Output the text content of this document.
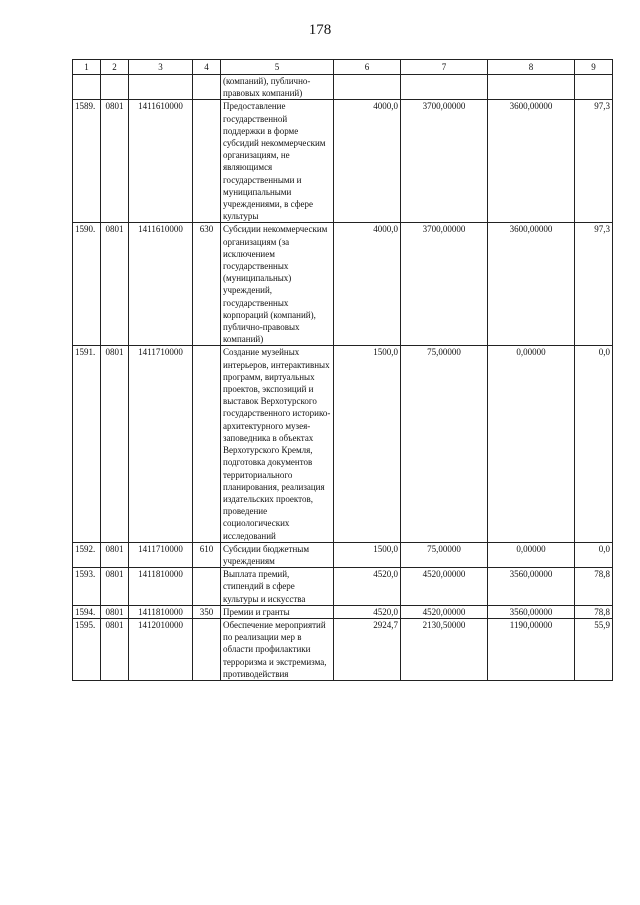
178
1	2	3	4	5	6	7	8	9
				(компаний), публично-правовых компаний)				
1589.	0801	1411610000		Предоставление государственной поддержки в форме субсидий некоммерческим организациям, не являющимся государственными и муниципальными учреждениями, в сфере культуры	4000,0	3700,00000	3600,00000	97,3
1590.	0801	1411610000	630	Субсидии некоммерческим организациям (за исключением государственных (муниципальных) учреждений, государственных корпораций (компаний), публично-правовых компаний)	4000,0	3700,00000	3600,00000	97,3
1591.	0801	1411710000		Создание музейных интерьеров, интерактивных программ, виртуальных проектов, экспозиций и выставок Верхотурского государственного историко-архитектурного музея-заповедника в объектах Верхотурского Кремля, подготовка документов территориального планирования, реализация издательских проектов, проведение социологических исследований	1500,0	75,00000	0,00000	0,0
1592.	0801	1411710000	610	Субсидии бюджетным учреждениям	1500,0	75,00000	0,00000	0,0
1593.	0801	1411810000		Выплата премий, стипендий в сфере культуры и искусства	4520,0	4520,00000	3560,00000	78,8
1594.	0801	1411810000	350	Премии и гранты	4520,0	4520,00000	3560,00000	78,8
1595.	0801	1412010000		Обеспечение мероприятий по реализации мер в области профилактики терроризма и экстремизма, противодействия	2924,7	2130,50000	1190,00000	55,9
